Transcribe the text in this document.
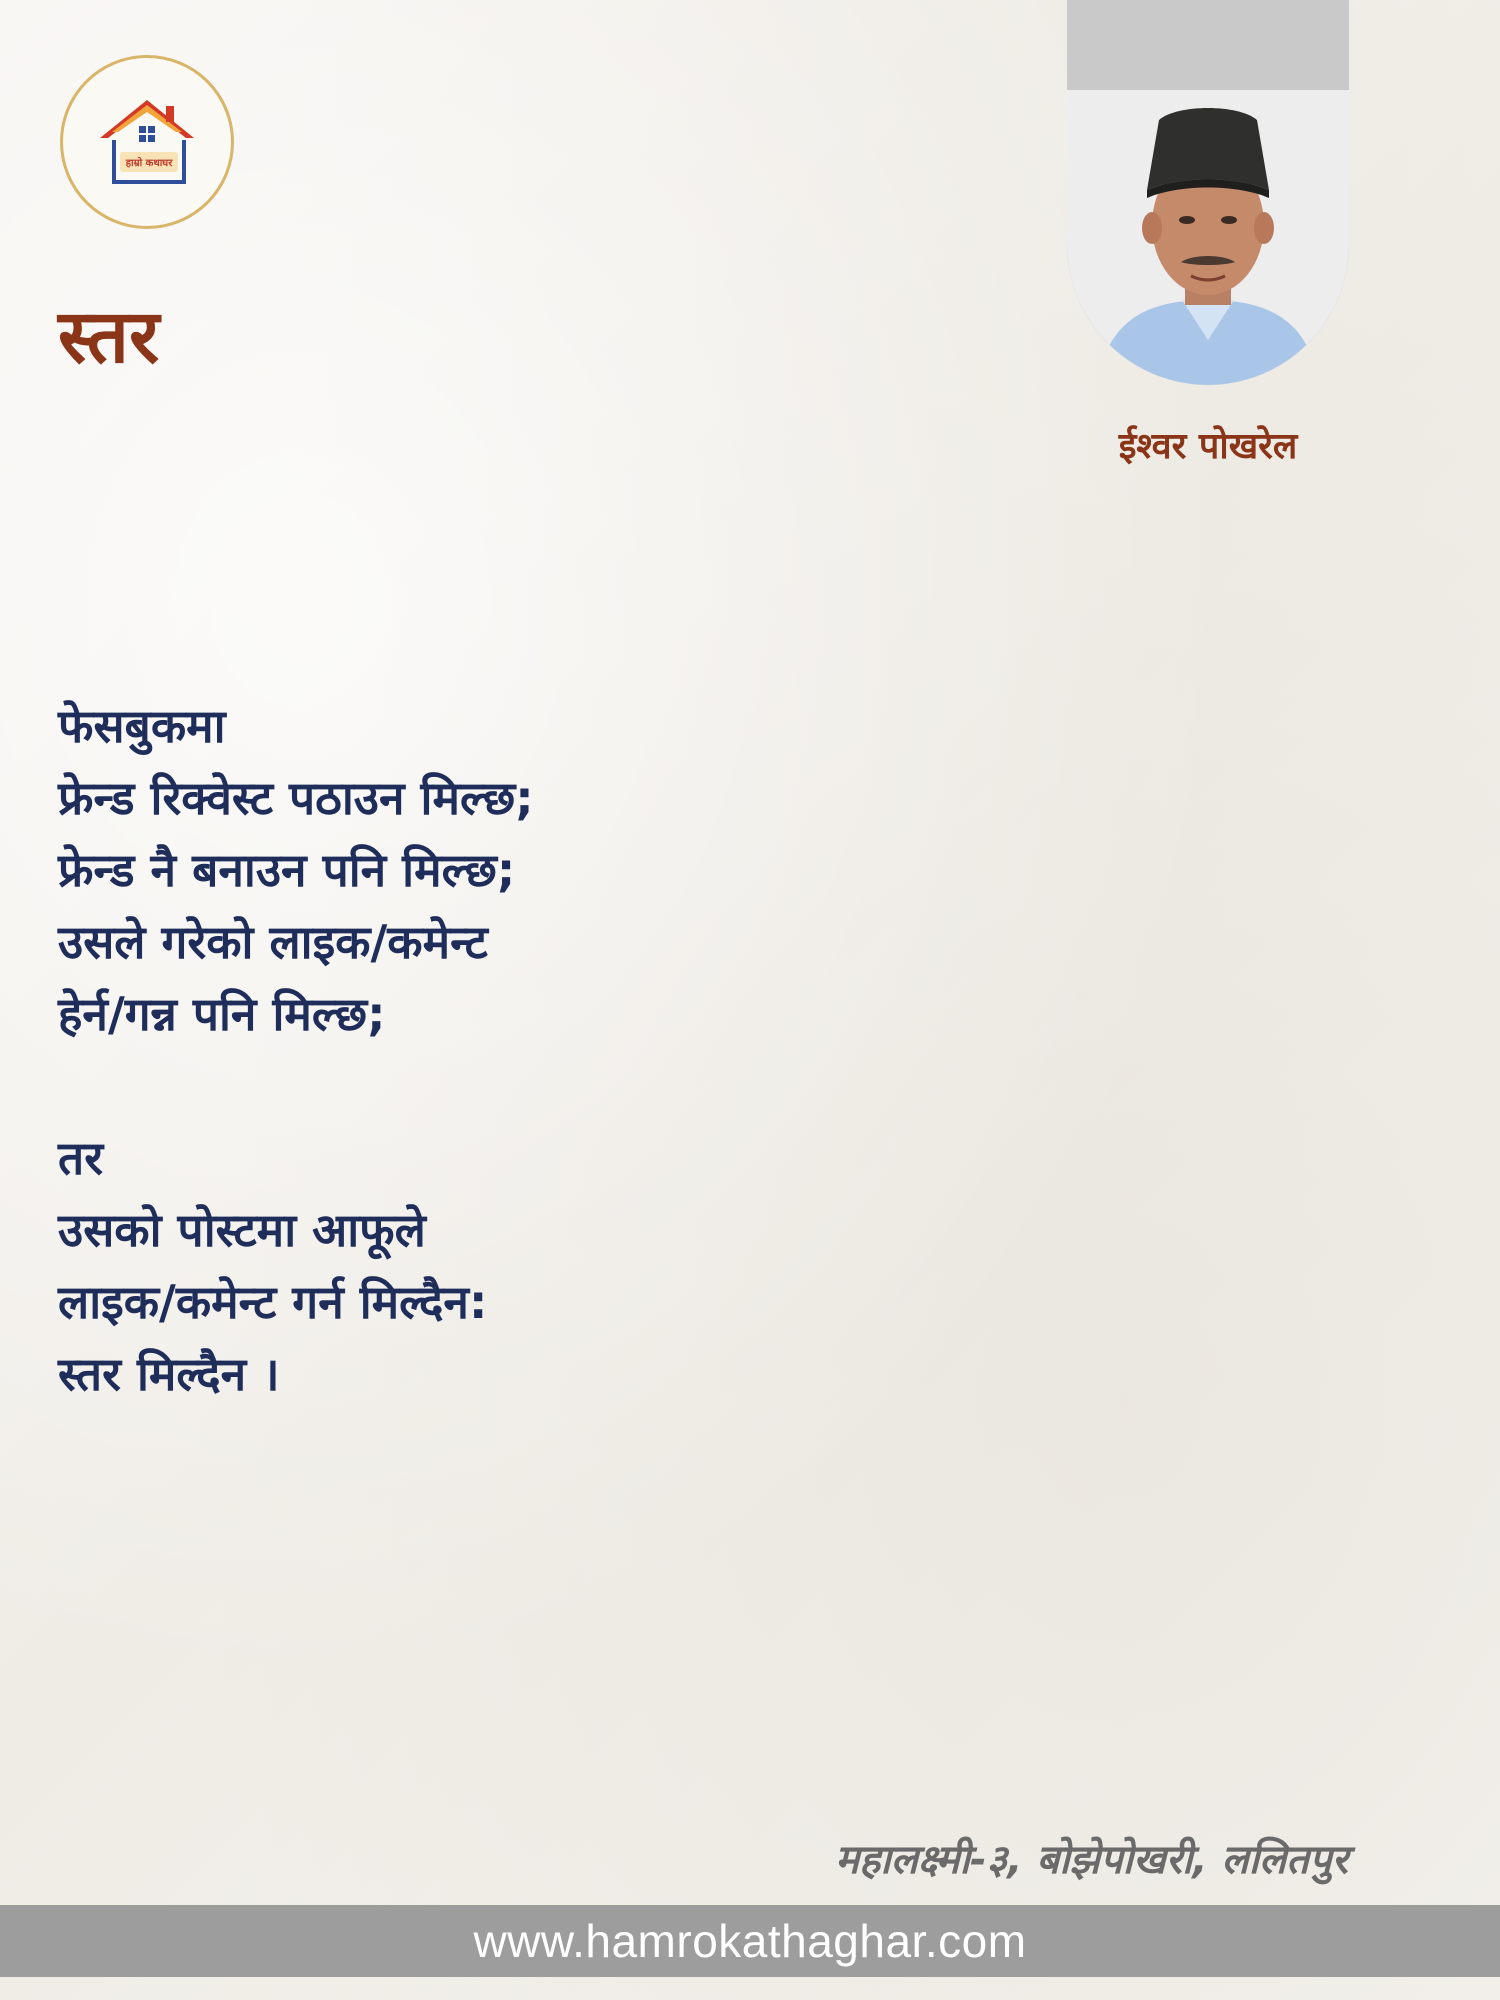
हाम्रो कथाघर
स्तर
ईश्वर पोखरेल
फेसबुकमा
फ्रेन्ड रिक्वेस्ट पठाउन मिल्छ;
फ्रेन्ड नै बनाउन पनि मिल्छ;
उसले गरेको लाइक/कमेन्ट
हेर्न/गन्न पनि मिल्छ;
तर
उसको पोस्टमा आफूले
लाइक/कमेन्ट गर्न मिल्दैन:
स्तर मिल्दैन ।
महालक्ष्मी-३, बोझेपोखरी, ललितपुर
www.hamrokathaghar.com
